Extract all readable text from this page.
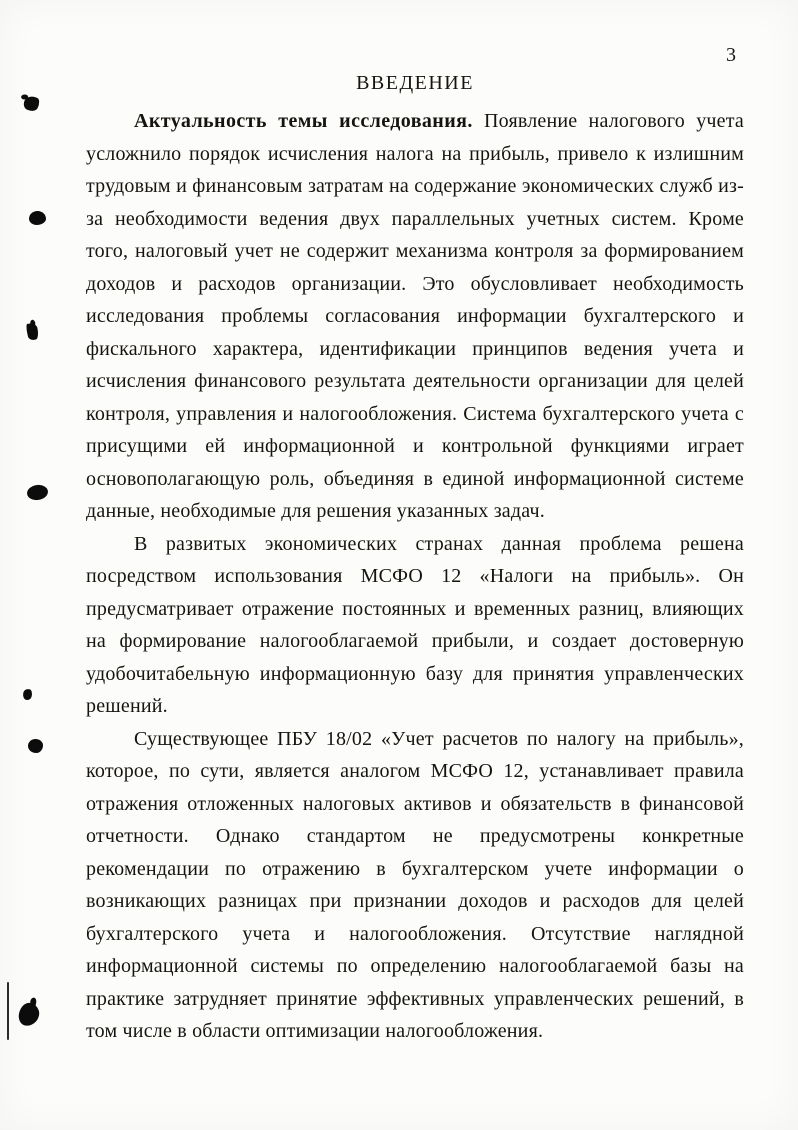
3
ВВЕДЕНИЕ

Актуальность темы исследования. Появление налогового учета усложнило порядок исчисления налога на прибыль, привело к излишним трудовым и финансовым затратам на содержание экономических служб из-за необходимости ведения двух параллельных учетных систем. Кроме того, налоговый учет не содержит механизма контроля за формированием доходов и расходов организации. Это обусловливает необходимость исследования проблемы согласования информации бухгалтерского и фискального характера, идентификации принципов ведения учета и исчисления финансового результата деятельности организации для целей контроля, управления и налогообложения. Система бухгалтерского учета с присущими ей информационной и контрольной функциями играет основополагающую роль, объединяя в единой информационной системе данные, необходимые для решения указанных задач.

В развитых экономических странах данная проблема решена посредством использования МСФО 12 «Налоги на прибыль». Он предусматривает отражение постоянных и временных разниц, влияющих на формирование налогооблагаемой прибыли, и создает достоверную удобочитабельную информационную базу для принятия управленческих решений.

Существующее ПБУ 18/02 «Учет расчетов по налогу на прибыль», которое, по сути, является аналогом МСФО 12, устанавливает правила отражения отложенных налоговых активов и обязательств в финансовой отчетности. Однако стандартом не предусмотрены конкретные рекомендации по отражению в бухгалтерском учете информации о возникающих разницах при признании доходов и расходов для целей бухгалтерского учета и налогообложения. Отсутствие наглядной информационной системы по определению налогооблагаемой базы на практике затрудняет принятие эффективных управленческих решений, в том числе в области оптимизации налогообложения.
